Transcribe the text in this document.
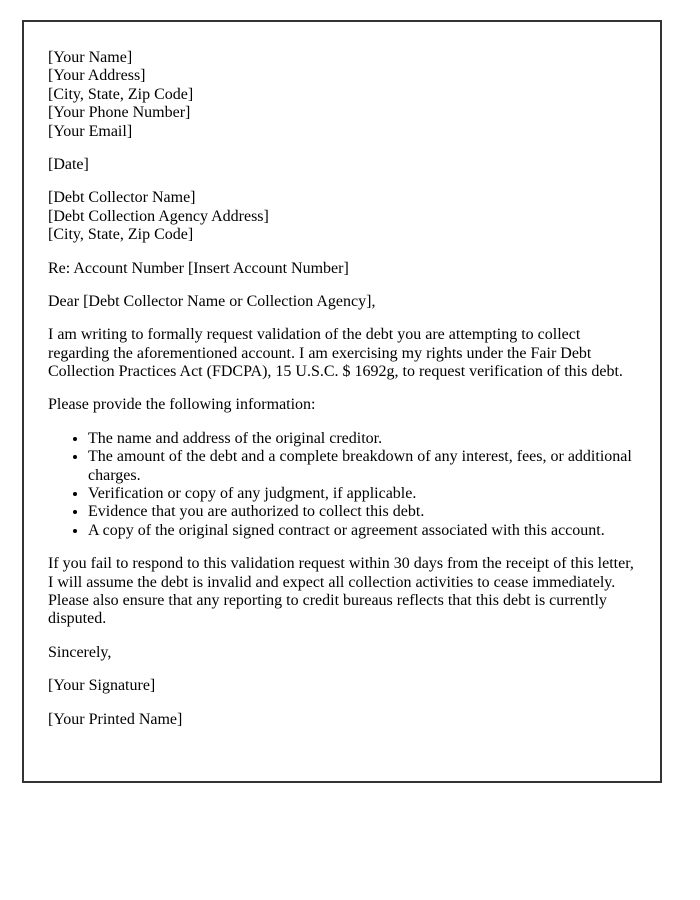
[Your Name]
[Your Address]
[City, State, Zip Code]
[Your Phone Number]
[Your Email]
[Date]
[Debt Collector Name]
[Debt Collection Agency Address]
[City, State, Zip Code]
Re: Account Number [Insert Account Number]
Dear [Debt Collector Name or Collection Agency],
I am writing to formally request validation of the debt you are attempting to collect regarding the aforementioned account. I am exercising my rights under the Fair Debt Collection Practices Act (FDCPA), 15 U.S.C. $ 1692g, to request verification of this debt.
Please provide the following information:
• The name and address of the original creditor.
• The amount of the debt and a complete breakdown of any interest, fees, or additional charges.
• Verification or copy of any judgment, if applicable.
• Evidence that you are authorized to collect this debt.
• A copy of the original signed contract or agreement associated with this account.
If you fail to respond to this validation request within 30 days from the receipt of this letter, I will assume the debt is invalid and expect all collection activities to cease immediately. Please also ensure that any reporting to credit bureaus reflects that this debt is currently disputed.
Sincerely,
[Your Signature]
[Your Printed Name]
